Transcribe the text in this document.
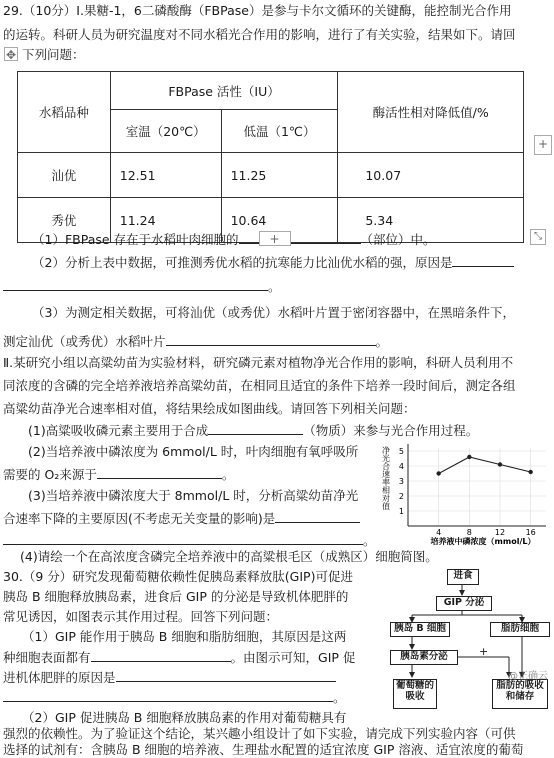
29.（10分）Ⅰ.果糖-1，6二磷酸酶（FBPase）是参与卡尔文循环的关键酶，能控制光合作用
的运转。科研人员为研究温度对不同水稻光合作用的影响，进行了有关实验，结果如下。请回
✥ 下列问题：
水稻品种	FBPase 活性（IU）		酶活性相对降低值/%
	室温（20℃）	低温（1℃）	
汕优	12.51	11.25	10.07
秀优	11.24	10.64	5.34
+
⤡
（1）FBPase 存在于水稻叶肉细胞的	+	（部位）中。
（2）分析上表中数据，可推测秀优水稻的抗寒能力比汕优水稻的强，原因是
。
（3）为测定相关数据，可将汕优（或秀优）水稻叶片置于密闭容器中，在黑暗条件下，
测定汕优（或秀优）水稻叶片	。
Ⅱ.某研究小组以高粱幼苗为实验材料，研究磷元素对植物净光合作用的影响，科研人员利用不
同浓度的含磷的完全培养液培养高粱幼苗，在相同且适宜的条件下培养一段时间后，测定各组
高粱幼苗净光合速率相对值，将结果绘成如图曲线。请回答下列相关问题：
(1)高粱吸收磷元素主要用于合成	（物质）来参与光合作用过程。
(2)当培养液中磷浓度为 6mmol/L 时，叶肉细胞有氧呼吸所
需要的 O₂来源于	。
(3)当培养液中磷浓度大于 8mmol/L 时，分析高粱幼苗净光
合速率下降的主要原因(不考虑无关变量的影响)是
。
(4)请绘一个在高浓度含磷完全培养液中的高粱根毛区（成熟区）细胞简图。
1
2
3
4
5
4	8	12	16
净光合速率相对值
培养液中磷浓度（mmol/L）
30.（9 分）研究发现葡萄糖依赖性促胰岛素释放肽(GIP)可促进
胰岛 B 细胞释放胰岛素，进食后 GIP 的分泌是导致机体肥胖的
常见诱因，如图表示其作用过程。回答下列问题：
（1）GIP 能作用于胰岛 B 细胞和脂肪细胞，其原因是这两
种细胞表面都有	。由图示可知，GIP 促
进机体肥胖的原因是
。
（2）GIP 促进胰岛 B 细胞释放胰岛素的作用对葡萄糖具有
强烈的依赖性。为了验证这个结论，某兴趣小组设计了如下实验，请完成下列实验内容（可供
选择的试剂有：含胰岛 B 细胞的培养液、生理盐水配置的适宜浓度 GIP 溶液、适宜浓度的葡萄
进食
GIP 分泌
胰岛 B 细胞	脂肪细胞
胰岛素分泌	+
葡萄糖的吸收
脂肪的吸收和储存
@正确云
